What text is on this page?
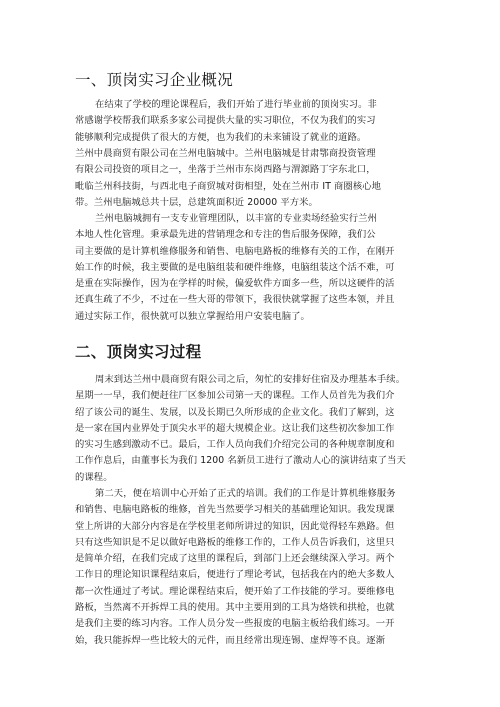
一、顶岗实习企业概况
在结束了学校的理论课程后，我们开始了进行毕业前的顶岗实习。非
常感谢学校帮我们联系多家公司提供大量的实习职位，不仅为我们的实习
能够顺利完成提供了很大的方便，也为我们的未来铺设了就业的道路。
兰州中晨商贸有限公司在兰州电脑城中。兰州电脑城是甘肃鄂商投资管理
有限公司投资的项目之一，坐落于兰州市东岗西路与渭源路丁字东北口，
毗临兰州科技街，与西北电子商贸城对街相望，处在兰州市 IT 商圈核心地
带。兰州电脑城总共十层，总建筑面积近 20000 平方米。
兰州电脑城拥有一支专业管理团队，以丰富的专业卖场经验实行兰州
本地人性化管理。秉承最先进的营销理念和专注的售后服务保障，我们公
司主要做的是计算机维修服务和销售、电脑电路板的维修有关的工作，在刚开
始工作的时候，我主要做的是电脑组装和硬件维修，电脑组装这个活不难，可
是重在实际操作，因为在学样的时候，偏爱软件方面多一些，所以这硬件的活
还真生疏了不少，不过在一些大哥的带领下，我很快就掌握了这些本领，并且
通过实际工作，很快就可以独立掌握给用户安装电脑了。
二、顶岗实习过程
周末到达兰州中晨商贸有限公司之后，匆忙的安排好住宿及办理基本手续。
星期一一早，我们便赶往厂区参加公司第一天的课程。工作人员首先为我们介
绍了该公司的诞生、发展，以及长期已久所形成的企业文化。我们了解到，这
是一家在国内业界处于顶尖水平的超大规模企业。这让我们这些初次参加工作
的实习生感到激动不已。最后，工作人员向我们介绍完公司的各种规章制度和
工作作息后，由董事长为我们 1200 名新员工进行了激动人心的演讲结束了当天
的课程。
第二天，便在培训中心开始了正式的培训。我们的工作是计算机维修服务
和销售、电脑电路板的维修，首先当然要学习相关的基础理论知识。我发现课
堂上所讲的大部分内容是在学校里老师所讲过的知识，因此觉得轻车熟路。但
只有这些知识是不足以做好电路板的维修工作的，工作人员告诉我们，这里只
是简单介绍，在我们完成了这里的课程后，到部门上还会继续深入学习。两个
工作日的理论知识课程结束后，便进行了理论考试，包括我在内的绝大多数人
都一次性通过了考试。理论课程结束后，便开始了工作技能的学习。要维修电
路板，当然离不开拆焊工具的使用。其中主要用到的工具为烙铁和拱枪，也就
是我们主要的练习内容。工作人员分发一些报废的电脑主板给我们练习。一开
始，我只能拆焊一些比较大的元件，而且经常出现连锡、虚焊等不良。逐渐
